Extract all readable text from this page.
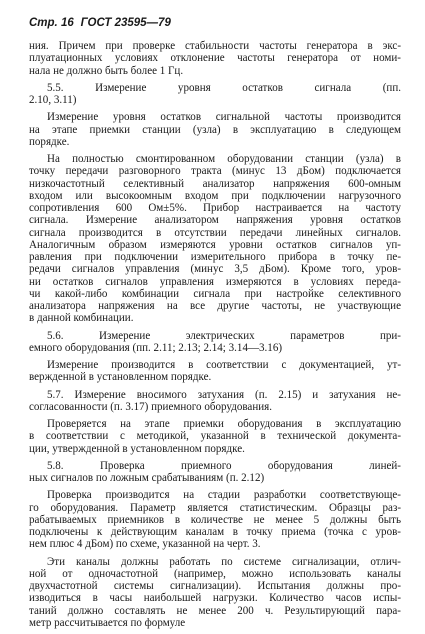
Стр. 16 ГОСТ 23595—79
ния. Причем при проверке стабильности частоты генератора в экс-
плуатационных условиях отклонение частоты генератора от номи-
нала не должно быть более 1 Гц.
5.5. Измерение уровня остатков сигнала (пп.
2.10, 3.11)
Измерение уровня остатков сигнальной частоты производится
на этапе приемки станции (узла) в эксплуатацию в следующем
порядке.
На полностью смонтированном оборудовании станции (узла) в
точку передачи разговорного тракта (минус 13 дБом) подключается
низкочастотный селективный анализатор напряжения 600-омным
входом или высокоомным входом при подключении нагрузочного
сопротивления 600 Ом±5%. Прибор настраивается на частоту
сигнала. Измерение анализатором напряжения уровня остатков
сигнала производится в отсутствии передачи линейных сигналов.
Аналогичным образом измеряются уровни остатков сигналов уп-
равления при подключении измерительного прибора в точку пе-
редачи сигналов управления (минус 3,5 дБом). Кроме того, уров-
ни остатков сигналов управления измеряются в условиях переда-
чи какой-либо комбинации сигнала при настройке селективного
анализатора напряжения на все другие частоты, не участвующие
в данной комбинации.
5.6. Измерение электрических параметров при-
емного оборудования (пп. 2.11; 2.13; 2.14; 3.14—3.16)
Измерение производится в соответствии с документацией, ут-
вержденной в установленном порядке.
5.7. Измерение вносимого затухания (п. 2.15) и затухания не-
согласованности (п. 3.17) приемного оборудования.
Проверяется на этапе приемки оборудования в эксплуатацию
в соответствии с методикой, указанной в технической документа-
ции, утвержденной в установленном порядке.
5.8. Проверка приемного оборудования линей-
ных сигналов по ложным срабатываниям (п. 2.12)
Проверка производится на стадии разработки соответствующе-
го оборудования. Параметр является статистическим. Образцы раз-
рабатываемых приемников в количестве не менее 5 должны быть
подключены к действующим каналам в точку приема (точка с уров-
нем плюс 4 дБом) по схеме, указанной на черт. 3.
Эти каналы должны работать по системе сигнализации, отлич-
ной от одночастотной (например, можно использовать каналы
двухчастотной системы сигнализации). Испытания должны про-
изводиться в часы наибольшей нагрузки. Количество часов испы-
таний должно составлять не менее 200 ч. Результирующий пара-
метр рассчитывается по формуле
